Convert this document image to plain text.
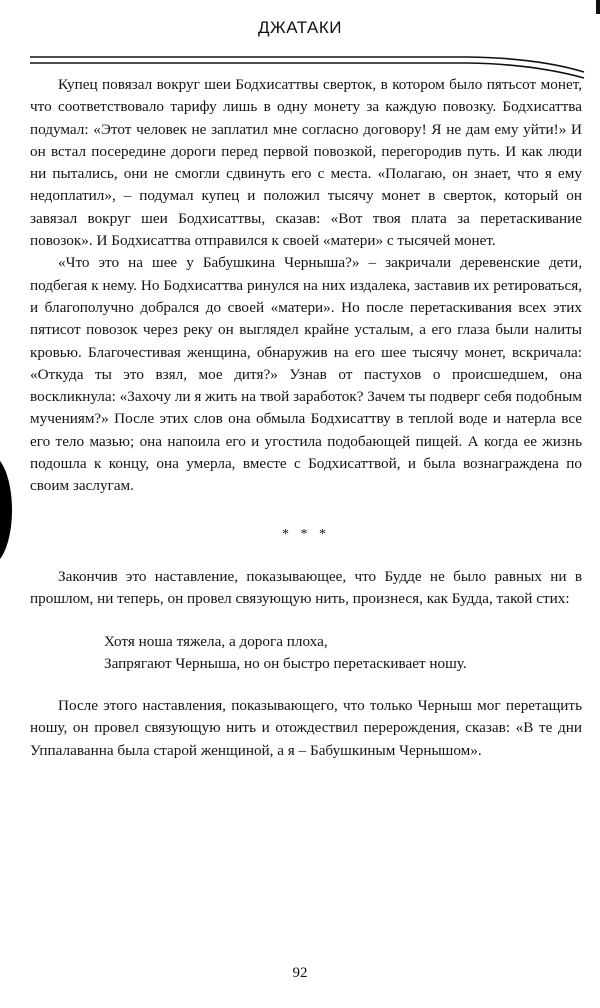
ДЖАТАКИ

Купец повязал вокруг шеи Бодхисаттвы сверток, в котором было пятьсот монет, что соответствовало тарифу лишь в одну монету за каждую повозку. Бодхисаттва подумал: «Этот человек не заплатил мне согласно договору! Я не дам ему уйти!» И он встал посередине дороги перед первой повозкой, перегородив путь. И как люди ни пытались, они не смогли сдвинуть его с места. «Полагаю, он знает, что я ему недоплатил», – подумал купец и положил тысячу монет в сверток, который он завязал вокруг шеи Бодхисаттвы, сказав: «Вот твоя плата за перетаскивание повозок». И Бодхисаттва отправился к своей «матери» с тысячей монет.

«Что это на шее у Бабушкина Черныша?» – закричали деревенские дети, подбегая к нему. Но Бодхисаттва ринулся на них издалека, заставив их ретироваться, и благополучно добрался до своей «матери». Но после перетаскивания всех этих пятисот повозок через реку он выглядел крайне усталым, а его глаза были налиты кровью. Благочестивая женщина, обнаружив на его шее тысячу монет, вскричала: «Откуда ты это взял, мое дитя?» Узнав от пастухов о происшедшем, она воскликнула: «Захочу ли я жить на твой заработок? Зачем ты подверг себя подобным мучениям?» После этих слов она обмыла Бодхисаттву в теплой воде и натерла все его тело мазью; она напоила его и угостила подобающей пищей. А когда ее жизнь подошла к концу, она умерла, вместе с Бодхисаттвой, и была вознаграждена по своим заслугам.

* * *

Закончив это наставление, показывающее, что Будде не было равных ни в прошлом, ни теперь, он провел связующую нить, произнеся, как Будда, такой стих:

Хотя ноша тяжела, а дорога плоха,
Запрягают Черныша, но он быстро перетаскивает ношу.

После этого наставления, показывающего, что только Черныш мог перетащить ношу, он провел связующую нить и отождествил перерождения, сказав: «В те дни Уппалаванна была старой женщиной, а я – Бабушкиным Чернышом».

92
